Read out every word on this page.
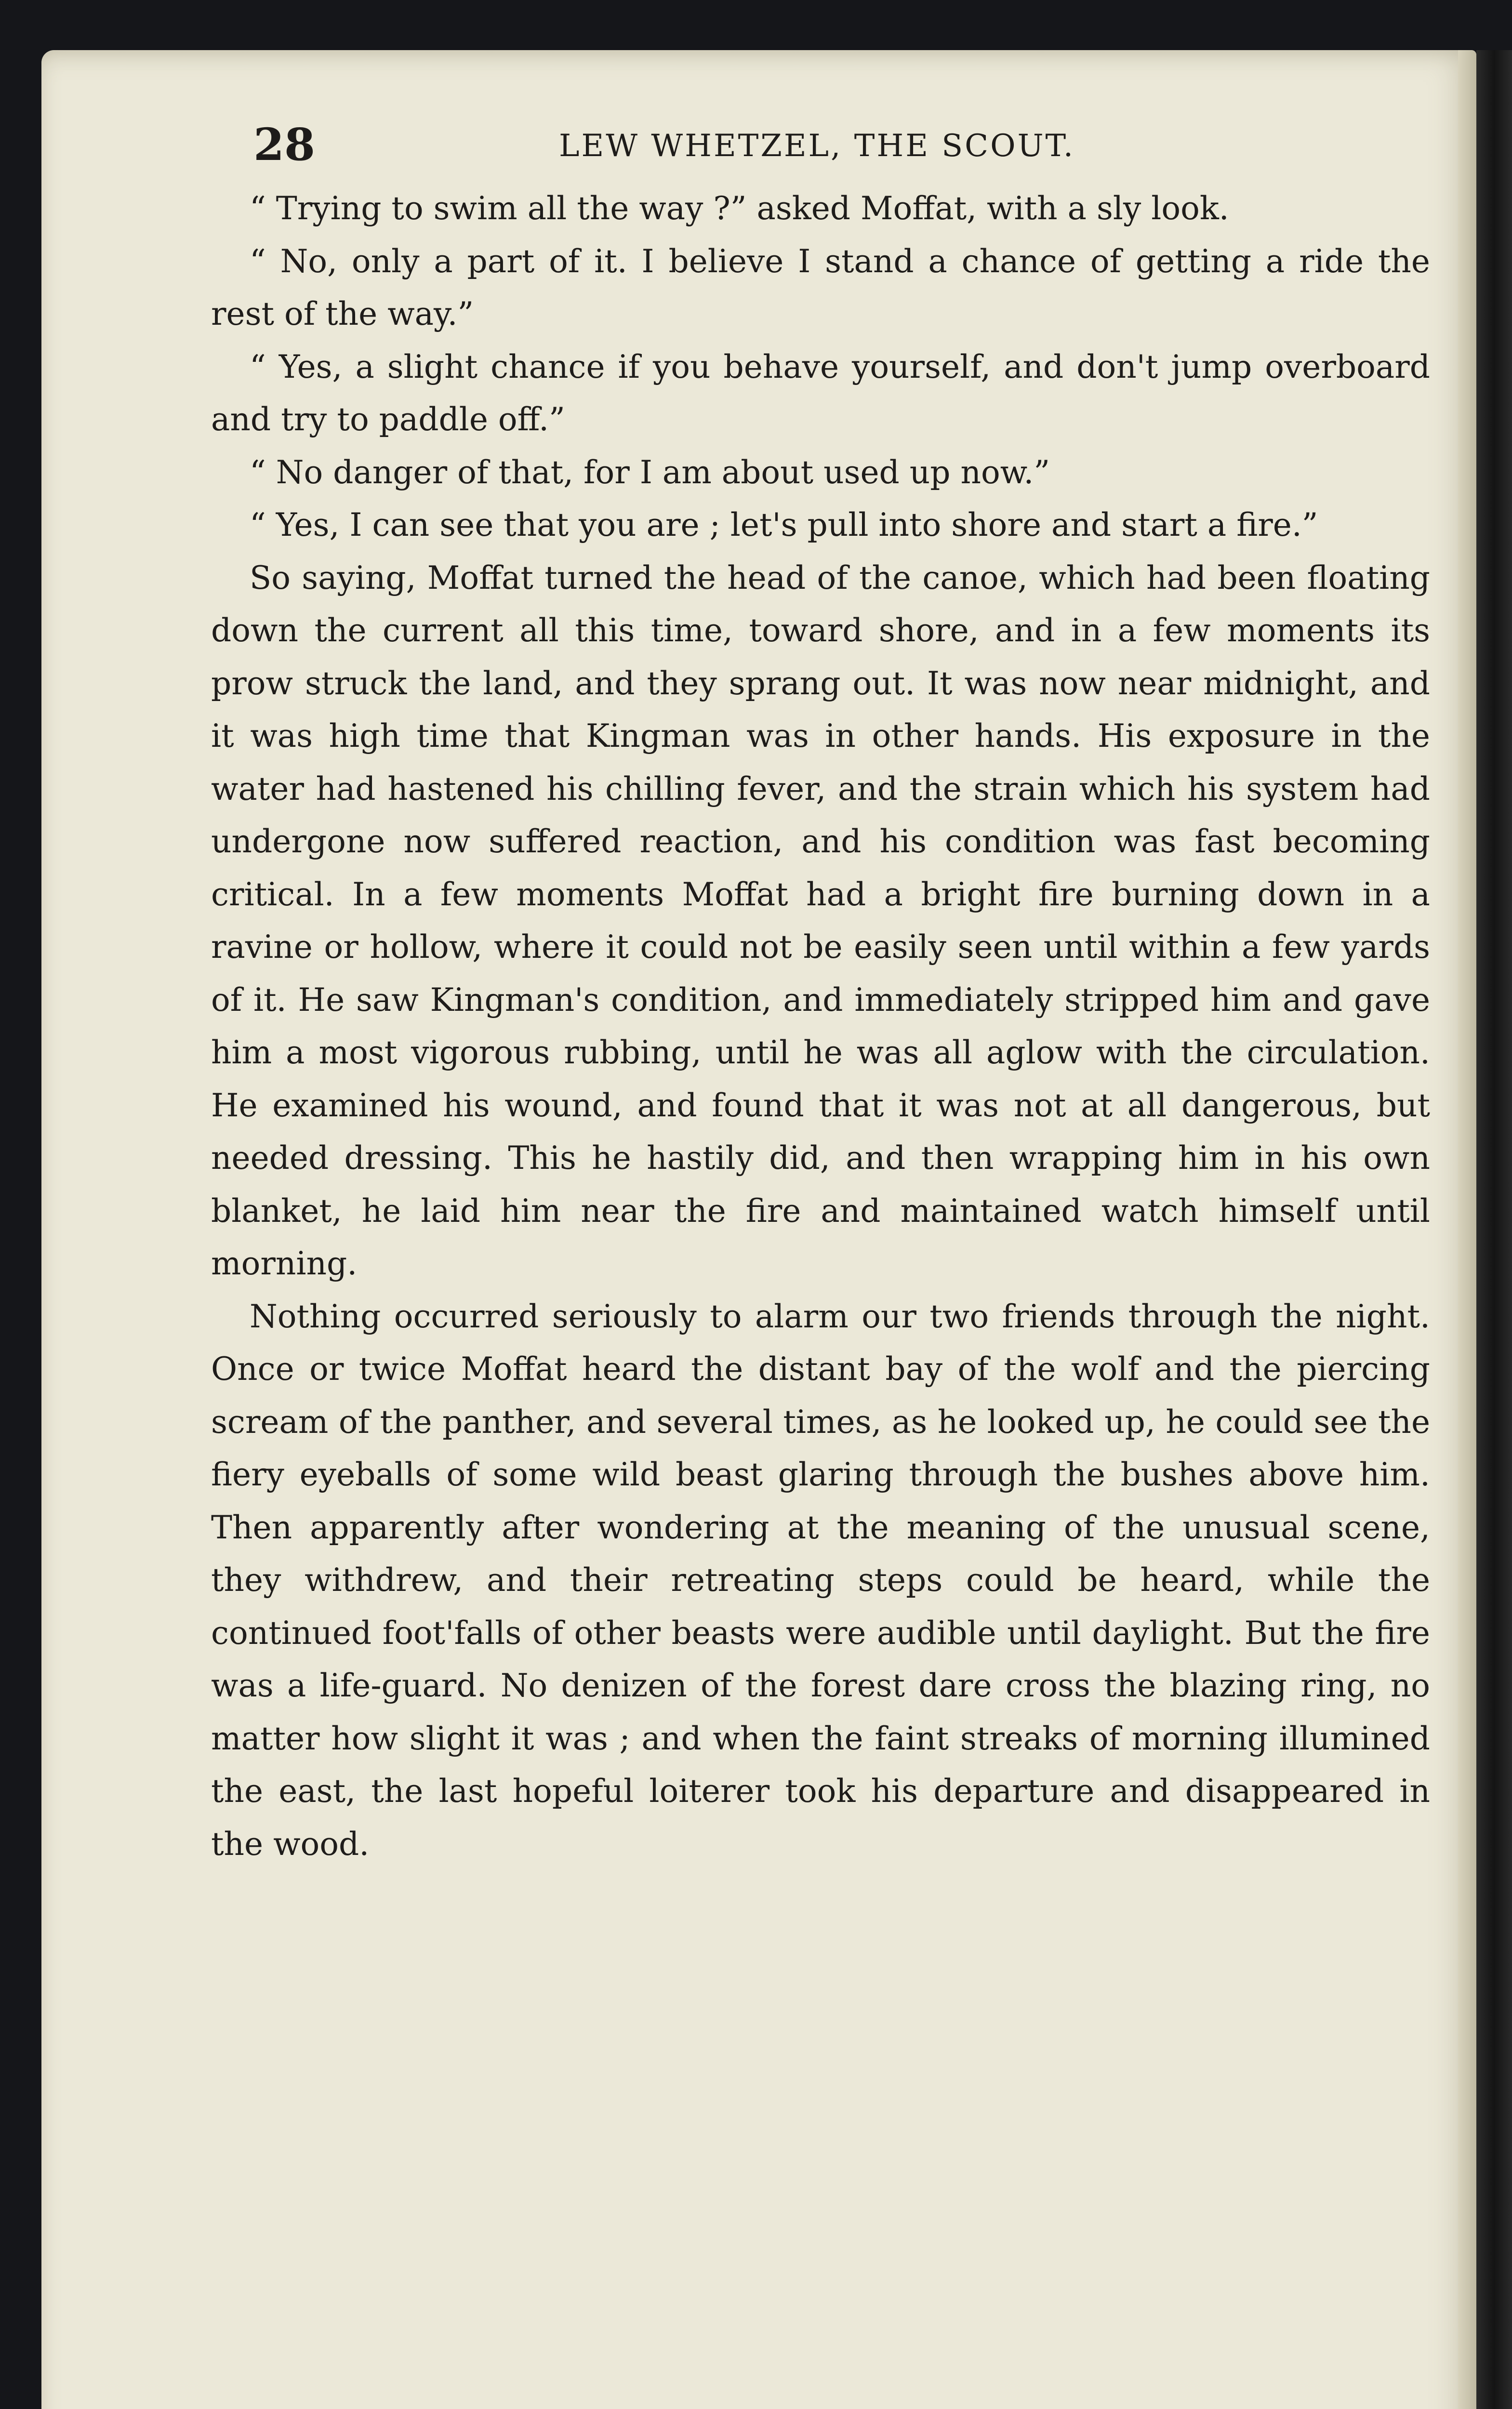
28	LEW WHETZEL, THE SCOUT.

“ Trying to swim all the way ?” asked Moffat, with a sly look.

“ No, only a part of it. I believe I stand a chance of getting a ride the rest of the way.”

“ Yes, a slight chance if you behave yourself, and don't jump overboard and try to paddle off.”

“ No danger of that, for I am about used up now.”

“ Yes, I can see that you are ; let's pull into shore and start a fire.”

So saying, Moffat turned the head of the canoe, which had been floating down the current all this time, toward shore, and in a few moments its prow struck the land, and they sprang out. It was now near midnight, and it was high time that Kingman was in other hands. His exposure in the water had hastened his chilling fever, and the strain which his system had undergone now suffered reaction, and his condition was fast becoming critical. In a few moments Moffat had a bright fire burning down in a ravine or hollow, where it could not be easily seen until within a few yards of it. He saw Kingman's condition, and immediately stripped him and gave him a most vigorous rubbing, until he was all aglow with the circulation. He examined his wound, and found that it was not at all dangerous, but needed dressing. This he hastily did, and then wrapping him in his own blanket, he laid him near the fire and maintained watch himself until morning.

Nothing occurred seriously to alarm our two friends through the night. Once or twice Moffat heard the distant bay of the wolf and the piercing scream of the panther, and several times, as he looked up, he could see the fiery eyeballs of some wild beast glaring through the bushes above him. Then apparently after wondering at the meaning of the unusual scene, they withdrew, and their retreating steps could be heard, while the continued foot'falls of other beasts were audible until daylight. But the fire was a life-guard. No denizen of the forest dare cross the blazing ring, no matter how slight it was ; and when the faint streaks of morning illumined the east, the last hopeful loiterer took his departure and disappeared in the wood.
